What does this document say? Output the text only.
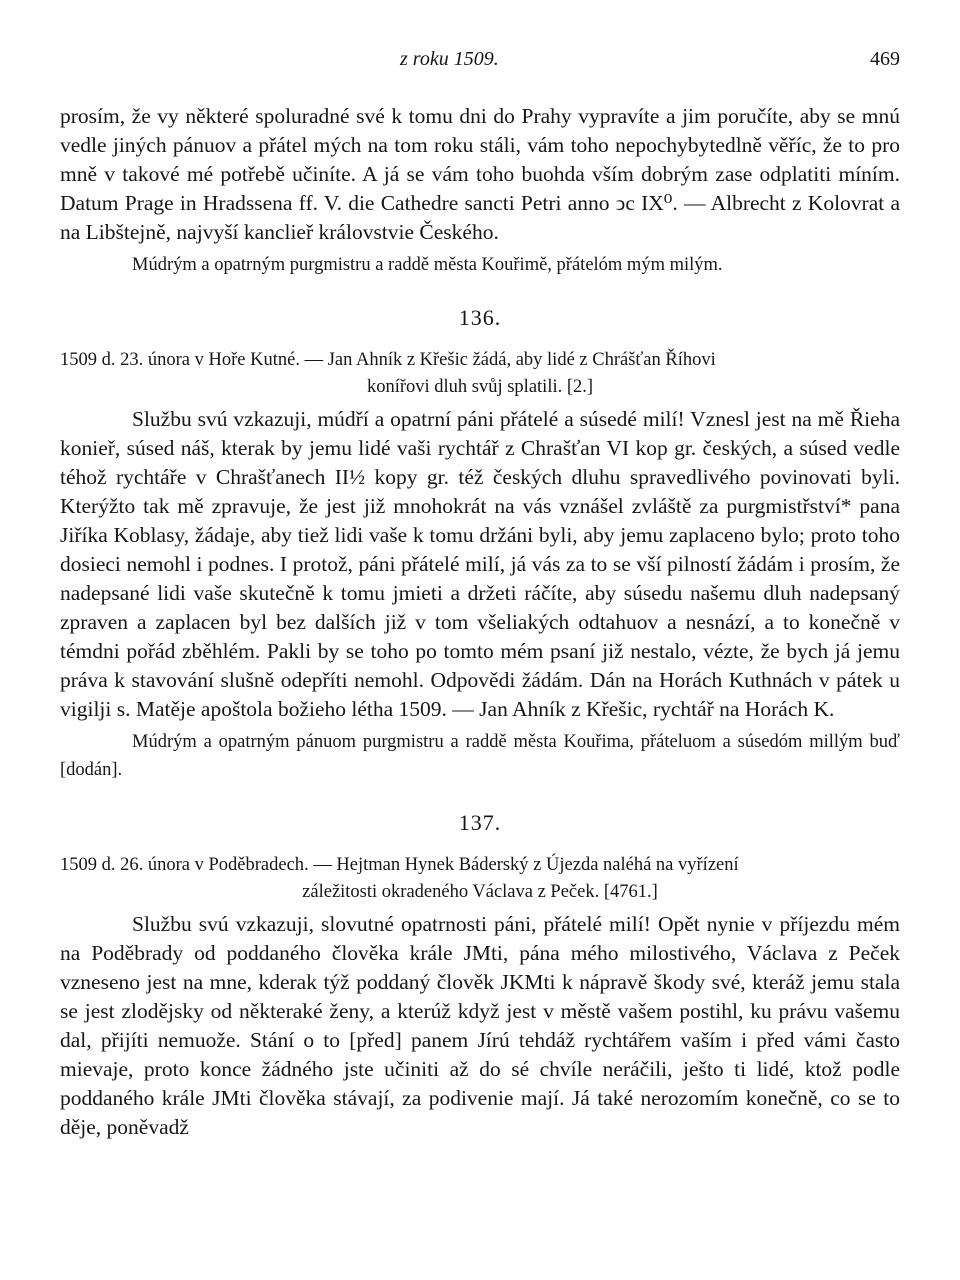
z roku 1509.	469

prosím, že vy některé spoluradné své k tomu dni do Prahy vypravíte a jim poručíte, aby se mnú vedle jiných pánuov a přátel mých na tom roku stáli, vám toho nepochybytedlně věříc, že to pro mně v takové mé potřebě učiníte. A já se vám toho buohda vším dobrým zase odplatiti míním. Datum Prage in Hradssena ff. V. die Cathedre sancti Petri anno ↄc IX⁰. — Albrecht z Kolovrat a na Libštejně, najvyší kanclieř královstvie Českého.

Múdrým a opatrným purgmistru a raddě města Kouřimě, přátelóm mým milým.

136.

1509 d. 23. února v Hoře Kutné. — Jan Ahník z Křešic žádá, aby lidé z Chrášťan Říhovi
konířovi dluh svůj splatili. [2.]

Službu svú vzkazuji, múdří a opatrní páni přátelé a súsedé milí! Vznesl jest na mě Řieha konieř, súsed náš, kterak by jemu lidé vaši rychtář z Chrašťan VI kop gr. českých, a súsed vedle téhož rychtáře v Chrašťanech II½ kopy gr. též českých dluhu spravedlivého povinovati byli. Kterýžto tak mě zpravuje, že jest již mnohokrát na vás vznášel zvláště za purgmistřství* pana Jiříka Koblasy, žádaje, aby tiež lidi vaše k tomu držáni byli, aby jemu zaplaceno bylo; proto toho dosieci nemohl i podnes. I protož, páni přátelé milí, já vás za to se vší pilností žádám i prosím, že nadepsané lidi vaše skutečně k tomu jmieti a držeti ráčíte, aby súsedu našemu dluh nadepsaný zpraven a zaplacen byl bez dalších již v tom všeliakých odtahuov a nesnází, a to konečně v témdni pořád zběhlém. Pakli by se toho po tomto mém psaní již nestalo, vézte, že bych já jemu práva k stavování slušně odepříti nemohl. Odpovědi žádám. Dán na Horách Kuthnách v pátek u vigilji s. Matěje apoštola božieho létha 1509. — Jan Ahník z Křešic, rychtář na Horách K.

Múdrým a opatrným pánuom purgmistru a raddě města Kouřima, přáteluom a súsedóm millým buď [dodán].

137.

1509 d. 26. února v Poděbradech. — Hejtman Hynek Báderský z Újezda naléhá na vyřízení
záležitosti okradeného Václava z Peček. [4761.]

Službu svú vzkazuji, slovutné opatrnosti páni, přátelé milí! Opět nynie v příjezdu mém na Poděbrady od poddaného člověka krále JMti, pána mého milostivého, Václava z Peček vzneseno jest na mne, kderak týž poddaný člověk JKMti k nápravě škody své, kteráž jemu stala se jest zlodějsky od některaké ženy, a kterúž když jest v městě vašem postihl, ku právu vašemu dal, přijíti nemuože. Stání o to [před] panem Jírú tehdáž rychtářem vaším i před vámi často mievaje, proto konce žádného jste učiniti až do sé chvíle neráčili, ješto ti lidé, ktož podle poddaného krále JMti člověka stávají, za podivenie mají. Já také nerozomím konečně, co se to děje, poněvadž
